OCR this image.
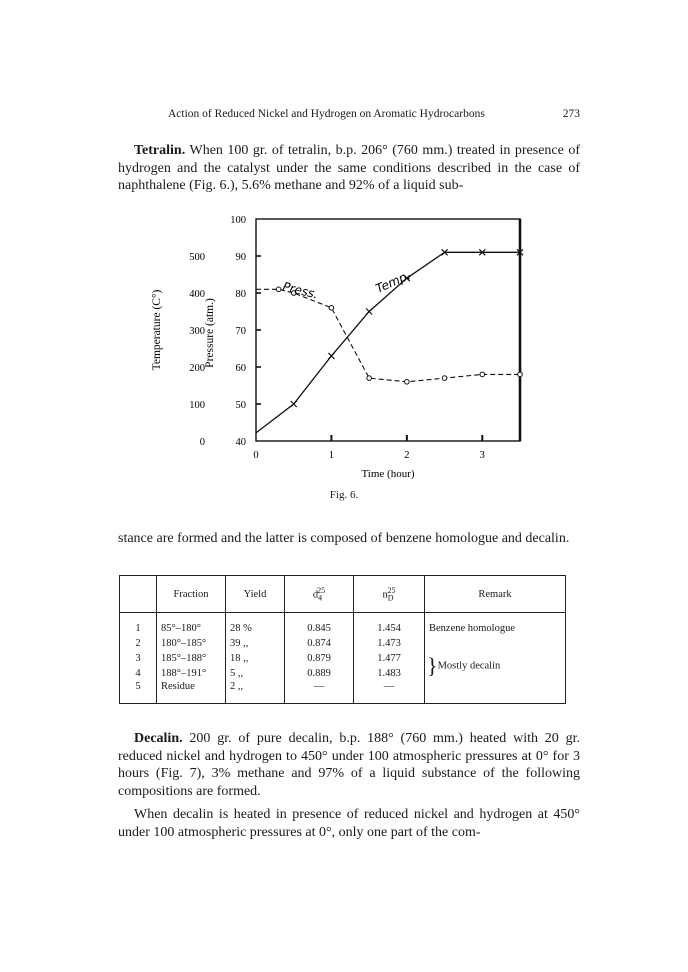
Action of Reduced Nickel and Hydrogen on Aromatic Hydrocarbons	273

Tetralin. When 100 gr. of tetralin, b.p. 206° (760 mm.) treated in presence of hydrogen and the catalyst under the same conditions described in the case of naphthalene (Fig. 6.), 5.6% methane and 92% of a liquid sub-

40
50
60
70
80
90
100
0
100
200
300
400
500
0	1	2	3
Temperature (C°)	Pressure (atm.)
Time (hour)
Press.	Temp.
Fig. 6.

stance are formed and the latter is composed of benzene homologue and decalin.

	Fraction	Yield	$d_4^{25}$	$n_D^{25}$	Remark
1	85°–180°	28 %	0.845	1.454	Benzene homologue
2	180°–185°	39 ,,	0.874	1.473	
3	185°–188°	18 ,,	0.879	1.477	}Mostly decalin
4	188°–191°	5 ,,	0.889	1.483	
5	Residue	2 ,,	—	—	

Decalin. 200 gr. of pure decalin, b.p. 188° (760 mm.) heated with 20 gr. reduced nickel and hydrogen to 450° under 100 atmospheric pressures at 0° for 3 hours (Fig. 7), 3% methane and 97% of a liquid substance of the following compositions are formed.

When decalin is heated in presence of reduced nickel and hydrogen at 450° under 100 atmospheric pressures at 0°, only one part of the com-
